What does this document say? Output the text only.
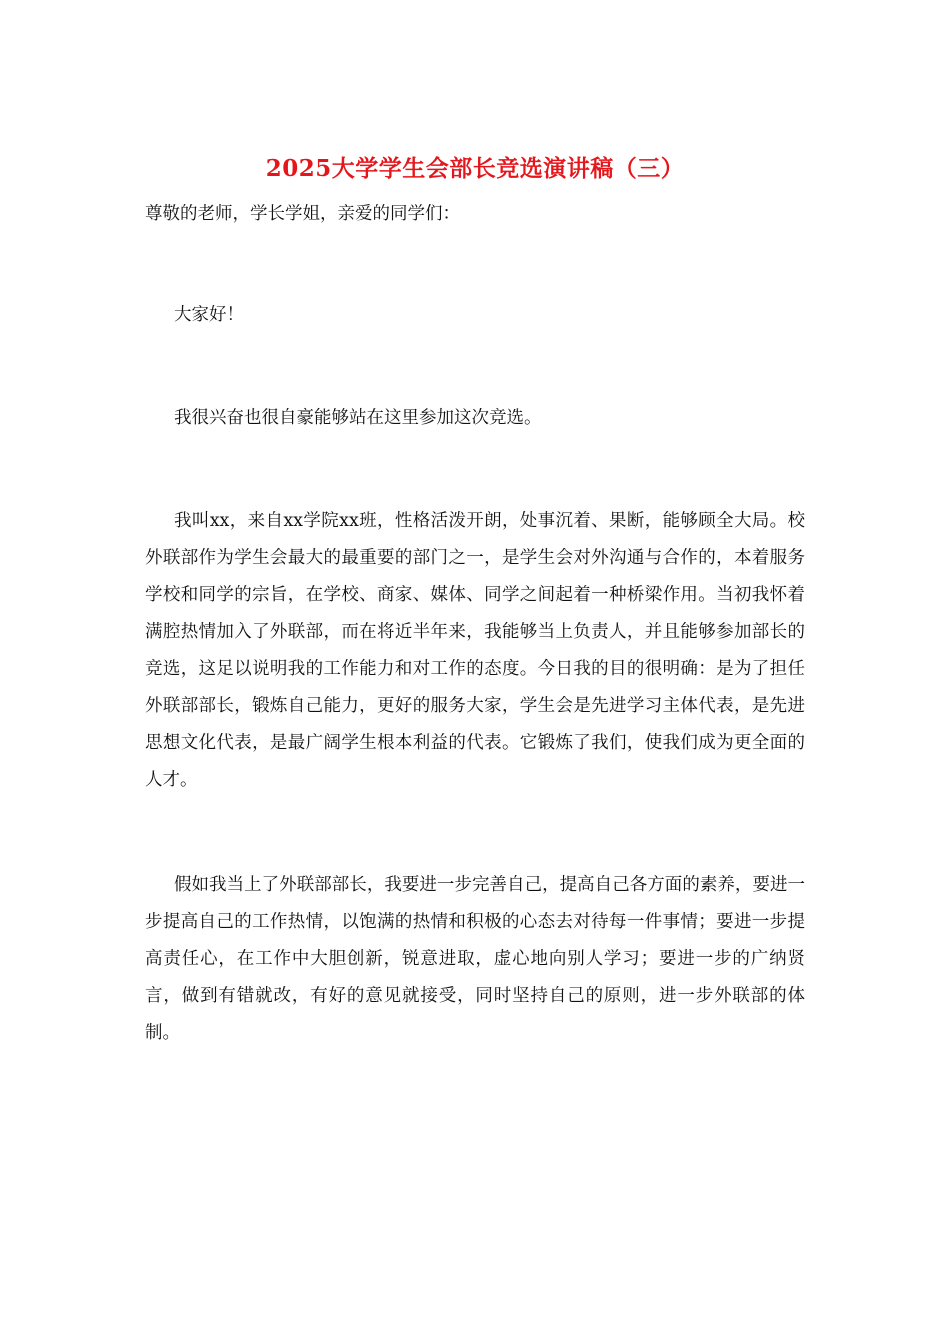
2025大学学生会部长竞选演讲稿（三）

尊敬的老师，学长学姐，亲爱的同学们：

大家好！

我很兴奋也很自豪能够站在这里参加这次竞选。

我叫xx，来自xx学院xx班，性格活泼开朗，处事沉着、果断，能够顾全大局。校外联部作为学生会最大的最重要的部门之一，是学生会对外沟通与合作的，本着服务学校和同学的宗旨，在学校、商家、媒体、同学之间起着一种桥梁作用。当初我怀着满腔热情加入了外联部，而在将近半年来，我能够当上负责人，并且能够参加部长的竞选，这足以说明我的工作能力和对工作的态度。今日我的目的很明确：是为了担任外联部部长，锻炼自己能力，更好的服务大家，学生会是先进学习主体代表，是先进思想文化代表，是最广阔学生根本利益的代表。它锻炼了我们，使我们成为更全面的人才。

假如我当上了外联部部长，我要进一步完善自己，提高自己各方面的素养，要进一步提高自己的工作热情，以饱满的热情和积极的心态去对待每一件事情；要进一步提高责任心，在工作中大胆创新，锐意进取，虚心地向别人学习；要进一步的广纳贤言，做到有错就改，有好的意见就接受，同时坚持自己的原则，进一步外联部的体制。
